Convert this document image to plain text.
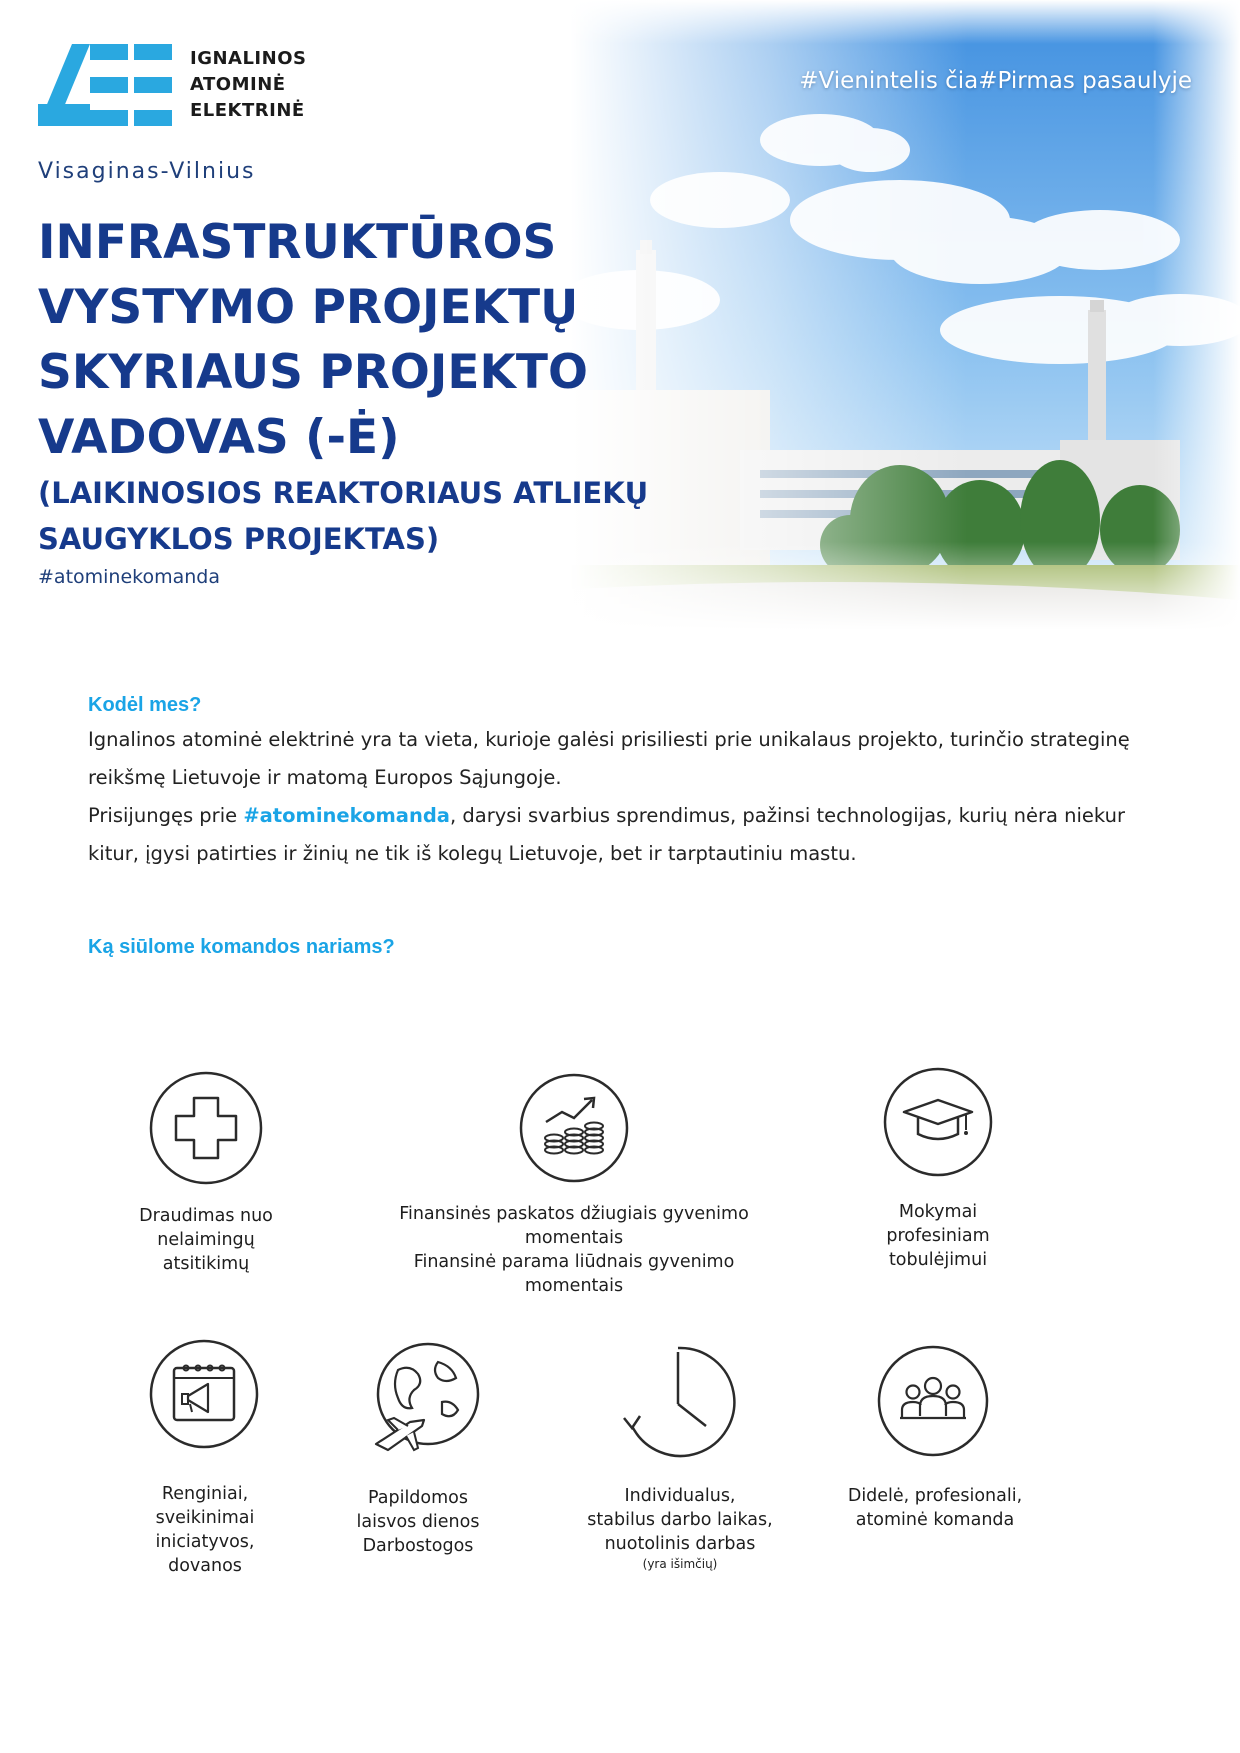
IGNALINOS
ATOMINĖ
ELEKTRINĖ
#Vienintelis čia#Pirmas pasaulyje
Visaginas-Vilnius
INFRASTRUKTŪROS
VYSTYMO PROJEKTŲ
SKYRIAUS PROJEKTO
VADOVAS (-Ė)
(LAIKINOSIOS REAKTORIAUS ATLIEKŲ
SAUGYKLOS PROJEKTAS)
#atominekomanda
Kodėl mes?

Ignalinos atominė elektrinė yra ta vieta, kurioje galėsi prisiliesti prie unikalaus projekto, turinčio strateginę reikšmę Lietuvoje ir matomą Europos Sąjungoje.

Prisijungęs prie #atominekomanda, darysi svarbius sprendimus, pažinsi technologijas, kurių nėra niekur kitur, įgysi patirties ir žinių ne tik iš kolegų Lietuvoje, bet ir tarptautiniu mastu.

Ką siūlome komandos nariams?
Draudimas nuo
nelaimingų
atsitikimų
Finansinės paskatos džiugiais gyvenimo
momentais
Finansinė parama liūdnais gyvenimo
momentais
Mokymai
profesiniam
tobulėjimui
Renginiai,
sveikinimai
iniciatyvos,
dovanos
Papildomos
laisvos dienos
Darbostogos
Individualus,
stabilus darbo laikas,
nuotolinis darbas
(yra išimčių)
Didelė, profesionali,
atominė komanda
